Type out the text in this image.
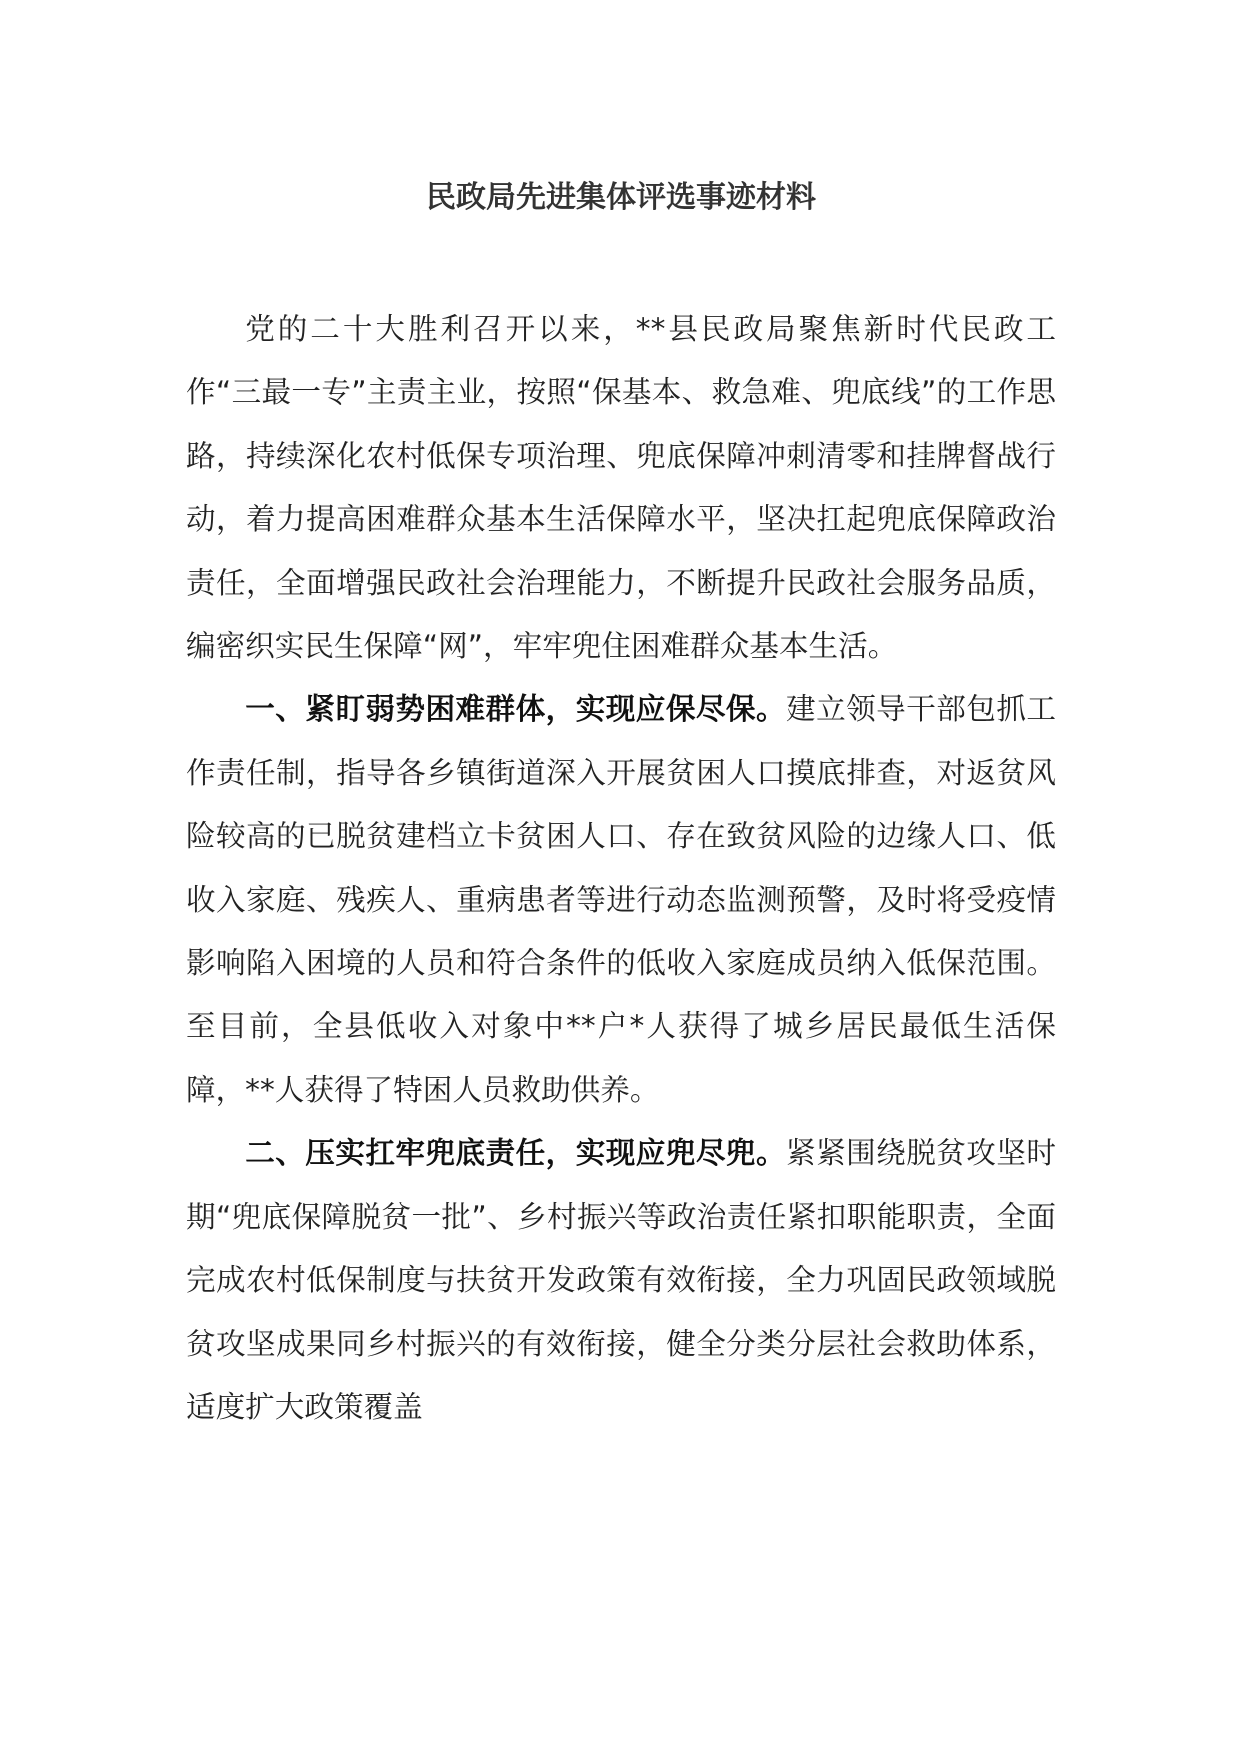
民政局先进集体评选事迹材料

党的二十大胜利召开以来，**县民政局聚焦新时代民政工作“三最一专”主责主业，按照“保基本、救急难、兜底线”的工作思路，持续深化农村低保专项治理、兜底保障冲刺清零和挂牌督战行动，着力提高困难群众基本生活保障水平，坚决扛起兜底保障政治责任，全面增强民政社会治理能力，不断提升民政社会服务品质，编密织实民生保障“网”，牢牢兜住困难群众基本生活。

一、紧盯弱势困难群体，实现应保尽保。建立领导干部包抓工作责任制，指导各乡镇街道深入开展贫困人口摸底排查，对返贫风险较高的已脱贫建档立卡贫困人口、存在致贫风险的边缘人口、低收入家庭、残疾人、重病患者等进行动态监测预警，及时将受疫情影响陷入困境的人员和符合条件的低收入家庭成员纳入低保范围。至目前，全县低收入对象中**户*人获得了城乡居民最低生活保障，**人获得了特困人员救助供养。

二、压实扛牢兜底责任，实现应兜尽兜。紧紧围绕脱贫攻坚时期“兜底保障脱贫一批”、乡村振兴等政治责任紧扣职能职责，全面完成农村低保制度与扶贫开发政策有效衔接，全力巩固民政领域脱贫攻坚成果同乡村振兴的有效衔接，健全分类分层社会救助体系，适度扩大政策覆盖
